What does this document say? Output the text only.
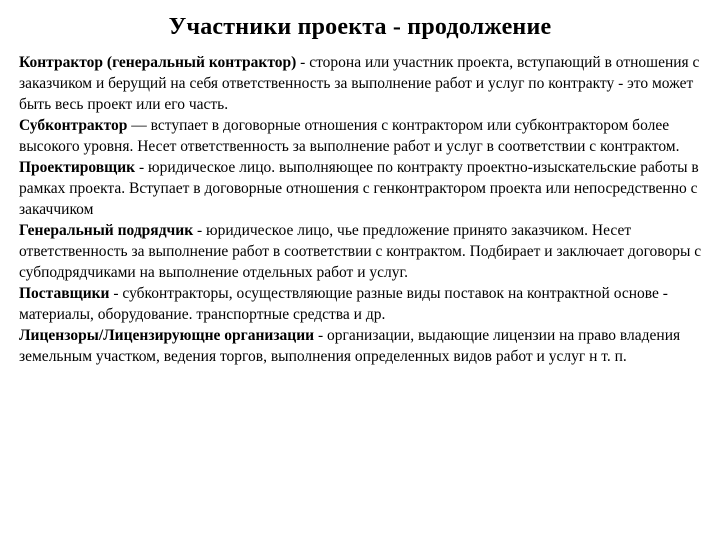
Участники проекта - продолжение

Контрактор (генеральный контрактор) - сторона или участник проекта, вступающий в отношения с заказчиком и берущий на себя ответственность за выполнение работ и услуг по контракту - это может быть весь проект или его часть.

Субконтрактор — вступает в договорные отношения с контрактором или субконтрактором более высокого уровня. Несет ответственность за выполнение работ и услуг в соответствии с контрактом.

Проектировщик - юридическое лицо. выполняющее по контракту проектно-изыскательские работы в рамках проекта. Вступает в договорные отношения с генконтрактором проекта или непосредственно с закаччиком

Генеральный подрядчик - юридическое лицо, чье предложение принято заказчиком. Несет ответственность за выполнение работ в соответствии с контрактом. Подбирает и заключает договоры с субподрядчиками на выполнение отдельных работ и услуг.

Поставщики - субконтракторы, осуществляющие разные виды поставок на контрактной основе - материалы, оборудование. транспортные средства и др.

Лицензоры/Лицензирующне организации - организации, выдающие лицензии на право владения земельным участком, ведения торгов, выполнения определенных видов работ и услуг н т. п.
